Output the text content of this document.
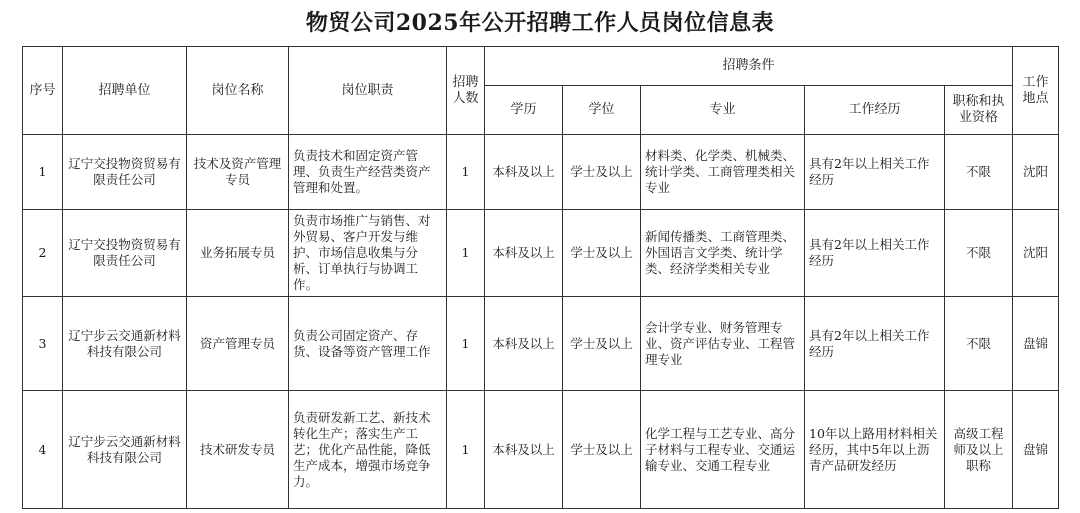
物贸公司2025年公开招聘工作人员岗位信息表
序号	招聘单位	岗位名称	岗位职责	招聘人数	招聘条件					工作地点
					学历	学位	专业	工作经历	职称和执业资格	
1	辽宁交投物资贸易有限责任公司	技术及资产管理专员	负责技术和固定资产管理、负责生产经营类资产管理和处置。	1	本科及以上	学士及以上	材料类、化学类、机械类、统计学类、工商管理类相关专业	具有2年以上相关工作经历	不限	沈阳
2	辽宁交投物资贸易有限责任公司	业务拓展专员	负责市场推广与销售、对外贸易、客户开发与维护、市场信息收集与分析、订单执行与协调工作。	1	本科及以上	学士及以上	新闻传播类、工商管理类、外国语言文学类、统计学类、经济学类相关专业	具有2年以上相关工作经历	不限	沈阳
3	辽宁步云交通新材料科技有限公司	资产管理专员	负责公司固定资产、存货、设备等资产管理工作	1	本科及以上	学士及以上	会计学专业、财务管理专业、资产评估专业、工程管理专业	具有2年以上相关工作经历	不限	盘锦
4	辽宁步云交通新材料科技有限公司	技术研发专员	负责研发新工艺、新技术转化生产；落实生产工艺；优化产品性能，降低生产成本，增强市场竞争力。	1	本科及以上	学士及以上	化学工程与工艺专业、高分子材料与工程专业、交通运输专业、交通工程专业	10年以上路用材料相关经历，其中5年以上沥青产品研发经历	高级工程师及以上职称	盘锦
